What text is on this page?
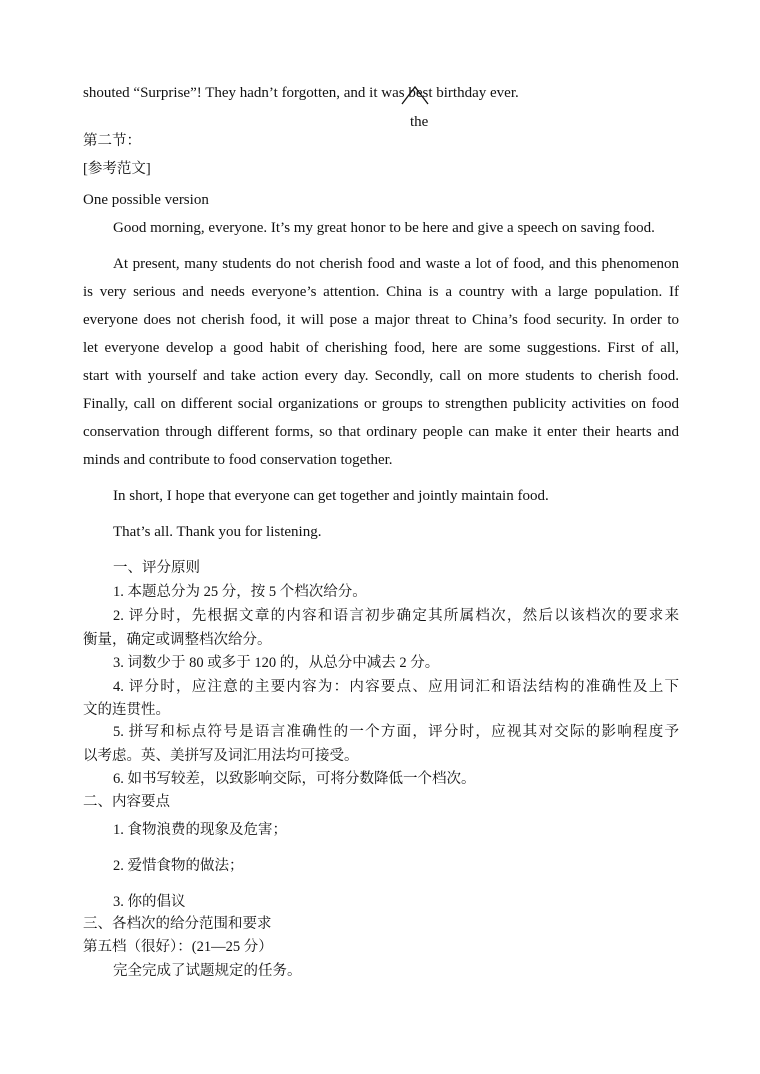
shouted “Surprise”! They hadn’t forgotten, and it was best birthday ever.
the
第二节：
[参考范文]
One possible version
Good morning, everyone. It’s my great honor to be here and give a speech on saving food.
At present, many students do not cherish food and waste a lot of food, and this phenomenon
is very serious and needs everyone’s attention. China is a country with a large population. If
everyone does not cherish food, it will pose a major threat to China’s food security. In order to
let everyone develop a good habit of cherishing food, here are some suggestions. First of all,
start with yourself and take action every day. Secondly, call on more students to cherish food.
Finally, call on different social organizations or groups to strengthen publicity activities on food
conservation through different forms, so that ordinary people can make it enter their hearts and
minds and contribute to food conservation together.
In short, I hope that everyone can get together and jointly maintain food.
That’s all. Thank you for listening.
一、评分原则
1. 本题总分为 25 分，按 5 个档次给分。
2. 评分时，先根据文章的内容和语言初步确定其所属档次，然后以该档次的要求来
衡量，确定或调整档次给分。
3. 词数少于 80 或多于 120 的，从总分中减去 2 分。
4. 评分时，应注意的主要内容为：内容要点、应用词汇和语法结构的准确性及上下
文的连贯性。
5. 拼写和标点符号是语言准确性的一个方面，评分时，应视其对交际的影响程度予
以考虑。英、美拼写及词汇用法均可接受。
6. 如书写较差，以致影响交际，可将分数降低一个档次。
二、内容要点
1. 食物浪费的现象及危害；
2. 爱惜食物的做法；
3. 你的倡议
三、各档次的给分范围和要求
第五档（很好）：(21—25 分）
完全完成了试题规定的任务。
